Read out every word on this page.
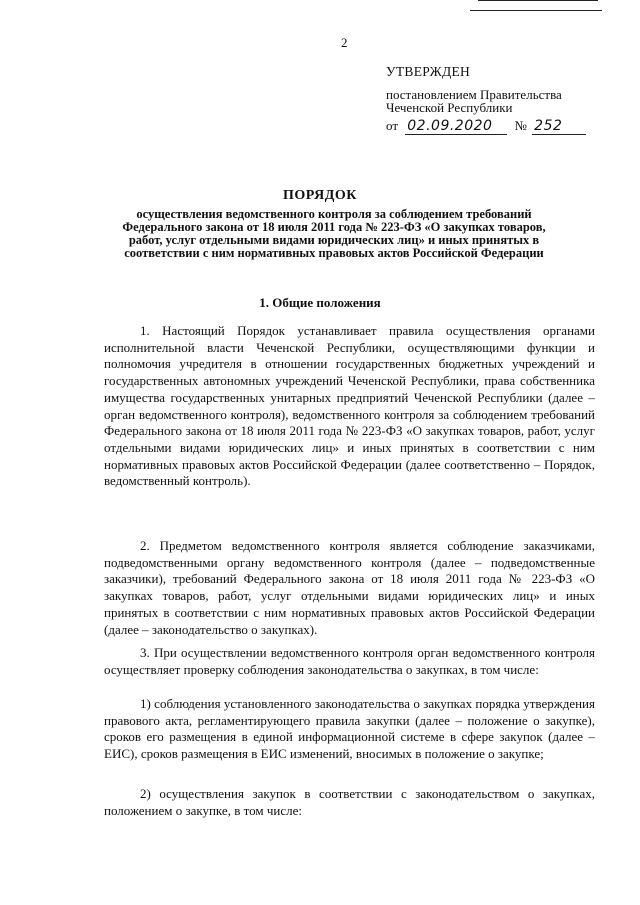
2
УТВЕРЖДЕН
постановлением Правительства
Чеченской Республики
от 02.09.2020 № 252
ПОРЯДОК
осуществления ведомственного контроля за соблюдением требований Федерального закона от 18 июля 2011 года № 223-ФЗ «О закупках товаров, работ, услуг отдельными видами юридических лиц» и иных принятых в соответствии с ним нормативных правовых актов Российской Федерации
1. Общие положения

1. Настоящий Порядок устанавливает правила осуществления органами исполнительной власти Чеченской Республики, осуществляющими функции и полномочия учредителя в отношении государственных бюджетных учреждений и государственных автономных учреждений Чеченской Республики, права собственника имущества государственных унитарных предприятий Чеченской Республики (далее – орган ведомственного контроля), ведомственного контроля за соблюдением требований Федерального закона от 18 июля 2011 года № 223-ФЗ «О закупках товаров, работ, услуг отдельными видами юридических лиц» и иных принятых в соответствии с ним нормативных правовых актов Российской Федерации (далее соответственно – Порядок, ведомственный контроль).

2. Предметом ведомственного контроля является соблюдение заказчиками, подведомственными органу ведомственного контроля (далее – подведомственные заказчики), требований Федерального закона от 18 июля 2011 года № 223-ФЗ «О закупках товаров, работ, услуг отдельными видами юридических лиц» и иных принятых в соответствии с ним нормативных правовых актов Российской Федерации (далее – законодательство о закупках).

3. При осуществлении ведомственного контроля орган ведомственного контроля осуществляет проверку соблюдения законодательства о закупках, в том числе:

1) соблюдения установленного законодательства о закупках порядка утверждения правового акта, регламентирующего правила закупки (далее – положение о закупке), сроков его размещения в единой информационной системе в сфере закупок (далее – ЕИС), сроков размещения в ЕИС изменений, вносимых в положение о закупке;

2) осуществления закупок в соответствии с законодательством о закупках, положением о закупке, в том числе:
